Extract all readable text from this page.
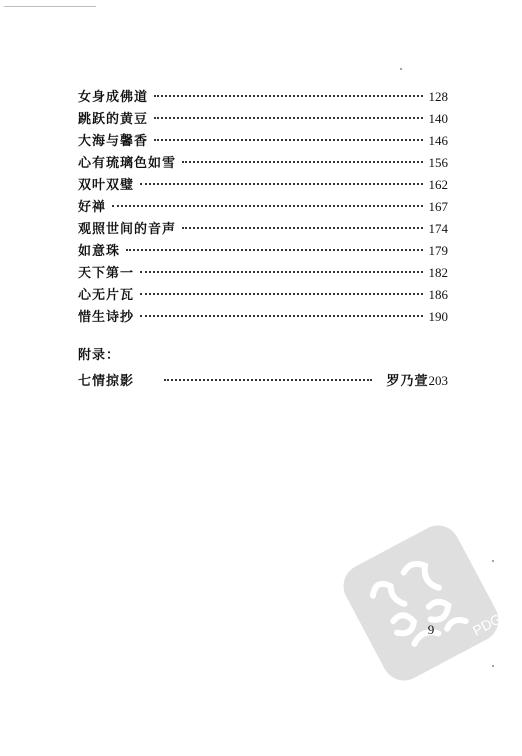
女身成佛道	128
跳跃的黄豆	140
大海与馨香	146
心有琉璃色如雪	156
双叶双璧	162
好禅	167
观照世间的音声	174
如意珠	179
天下第一	182
心无片瓦	186
惜生诗抄	190
附录：
七情掠影	罗乃萱 203
PDG
9
